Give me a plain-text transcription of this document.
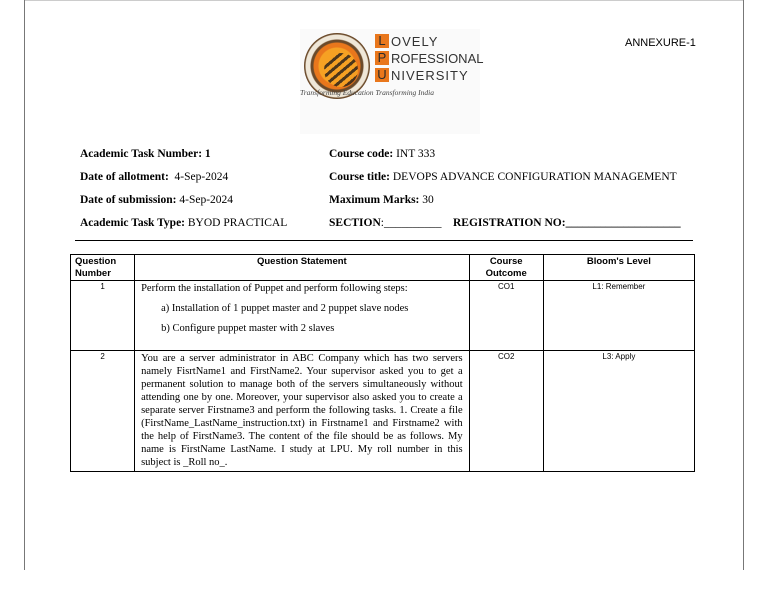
L OVELY
P ROFESSIONAL
U NIVERSITY
Transforming Education Transforming India
ANNEXURE-1
Academic Task Number: 1
Date of allotment: 4-Sep-2024
Date of submission: 4-Sep-2024
Academic Task Type: BYOD PRACTICAL
Course code: INT 333
Course title: DEVOPS ADVANCE CONFIGURATION MANAGEMENT
Maximum Marks: 30
SECTION:__________ REGISTRATION NO:____________________
Question Number	Question Statement	Course Outcome	Bloom's Level
1	Perform the installation of Puppet and perform following steps:
a) Installation of 1 puppet master and 2 puppet slave nodes
b) Configure puppet master with 2 slaves	CO1	L1: Remember
2	You are a server administrator in ABC Company which has two servers namely FisrtName1 and FirstName2. Your supervisor asked you to get a permanent solution to manage both of the servers simultaneously without attending one by one. Moreover, your supervisor also asked you to create a separate server Firstname3 and perform the following tasks. 1. Create a file (FirstName_LastName_instruction.txt) in Firstname1 and Firstname2 with the help of FirstName3. The content of the file should be as follows. My name is FirstName LastName. I study at LPU. My roll number in this subject is _Roll no_.	CO2	L3: Apply
